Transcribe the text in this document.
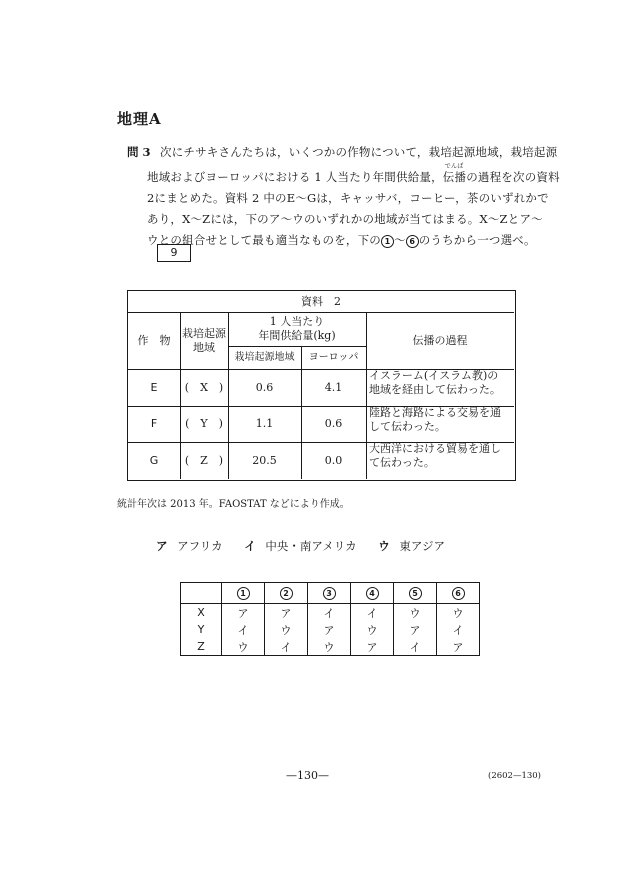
地理A
問 3 次にチサキさんたちは，いくつかの作物について，栽培起源地域，栽培起源
地域およびヨーロッパにおける 1 人当たり年間供給量，
でんぱ
伝播の過程を次の資料
2にまとめた。資料 2 中のE〜Gは，キャッサバ，コーヒー，茶のいずれかで
あり，X〜Zには，下のア〜ウのいずれかの地域が当てはまる。X〜Zとア〜
ウとの組合せとして最も適当なものを，下の 1 〜 6 のうちから一つ選べ。
9
資料　2
作　物
栽培起源
地域
1 人当たり
年間供給量(kg)
栽培起源地域	ヨーロッパ
伝播の過程
E	(　X　)	0.6	4.1
イスラーム(イスラム教)の
地域を経由して伝わった。
F	(　Y　)	1.1	0.6
陸路と海路による交易を通
して伝わった。
G	(　Z　)	20.5	0.0
大西洋における貿易を通し
て伝わった。
統計年次は 2013 年。FAOSTAT などにより作成。
ア アフリカ イ 中央・南アメリカ ウ 東アジア
	1	2	3	4	5	6
X	ア	ア	イ	イ	ウ	ウ
Y	イ	ウ	ア	ウ	ア	イ
Z	ウ	イ	ウ	ア	イ	ア
—130—	(2602—130)
